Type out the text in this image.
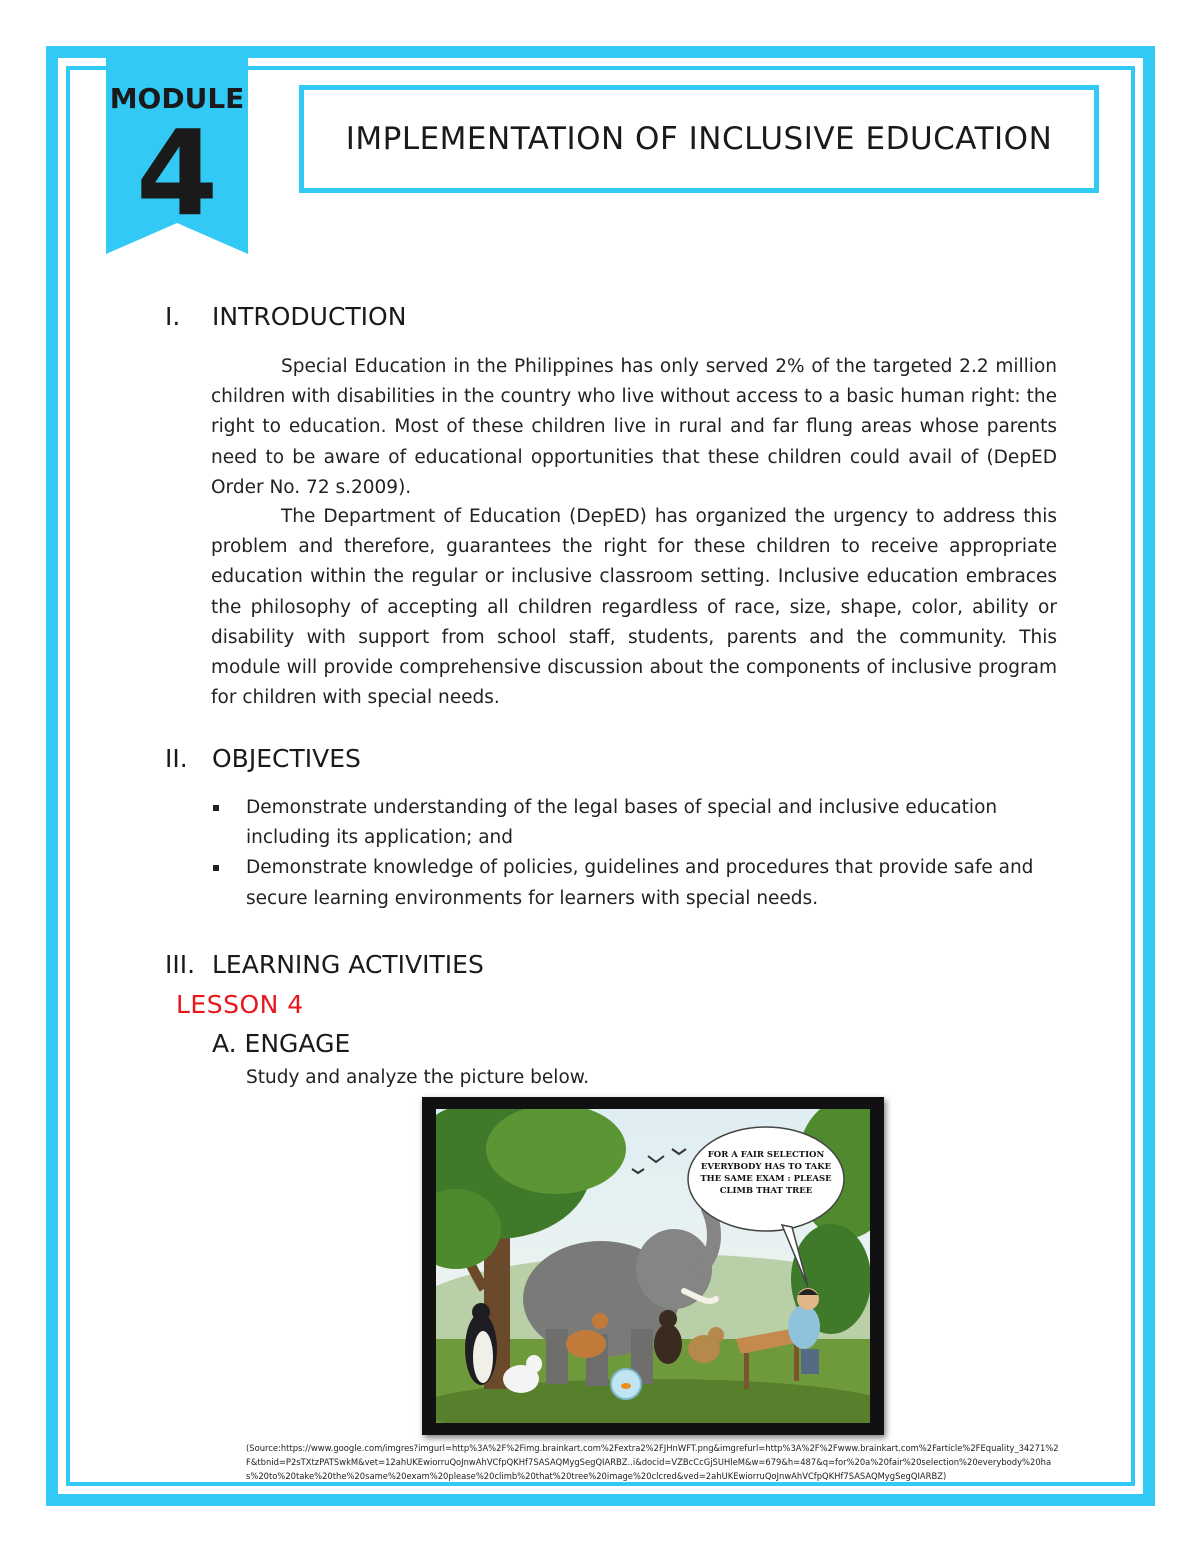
MODULE
4	IMPLEMENTATION OF INCLUSIVE EDUCATION
I.	INTRODUCTION

Special Education in the Philippines has only served 2% of the targeted 2.2 million children with disabilities in the country who live without access to a basic human right: the right to education. Most of these children live in rural and far flung areas whose parents need to be aware of educational opportunities that these children could avail of (DepED Order No. 72 s.2009).

The Department of Education (DepED) has organized the urgency to address this problem and therefore, guarantees the right for these children to receive appropriate education within the regular or inclusive classroom setting. Inclusive education embraces the philosophy of accepting all children regardless of race, size, shape, color, ability or disability with support from school staff, students, parents and the community. This module will provide comprehensive discussion about the components of inclusive program for children with special needs.

II. OBJECTIVES
Demonstrate understanding of the legal bases of special and inclusive education including its application; and
Demonstrate knowledge of policies, guidelines and procedures that provide safe and secure learning environments for learners with special needs.
III. LEARNING ACTIVITIES
LESSON 4
A. ENGAGE
Study and analyze the picture below.
FOR A FAIR SELECTION
EVERYBODY HAS TO TAKE
THE SAME EXAM : PLEASE
CLIMB THAT TREE

(Source:https://www.google.com/imgres?imgurl=http%3A%2F%2Fimg.brainkart.com%2Fextra2%2FJHnWFT.png&imgrefurl=http%3A%2F%2Fwww.brainkart.com%2Farticle%2FEquality_34271%2F&tbnid=P2sTXtzPATSwkM&vet=12ahUKEwiorruQoJnwAhVCfpQKHf7SASAQMygSegQIARBZ..i&docid=VZBcCcGjSUHleM&w=679&h=487&q=for%20a%20fair%20selection%20everybody%20has%20to%20take%20the%20same%20exam%20please%20climb%20that%20tree%20image%20clcred&ved=2ahUKEwiorruQoJnwAhVCfpQKHf7SASAQMygSegQIARBZ)
